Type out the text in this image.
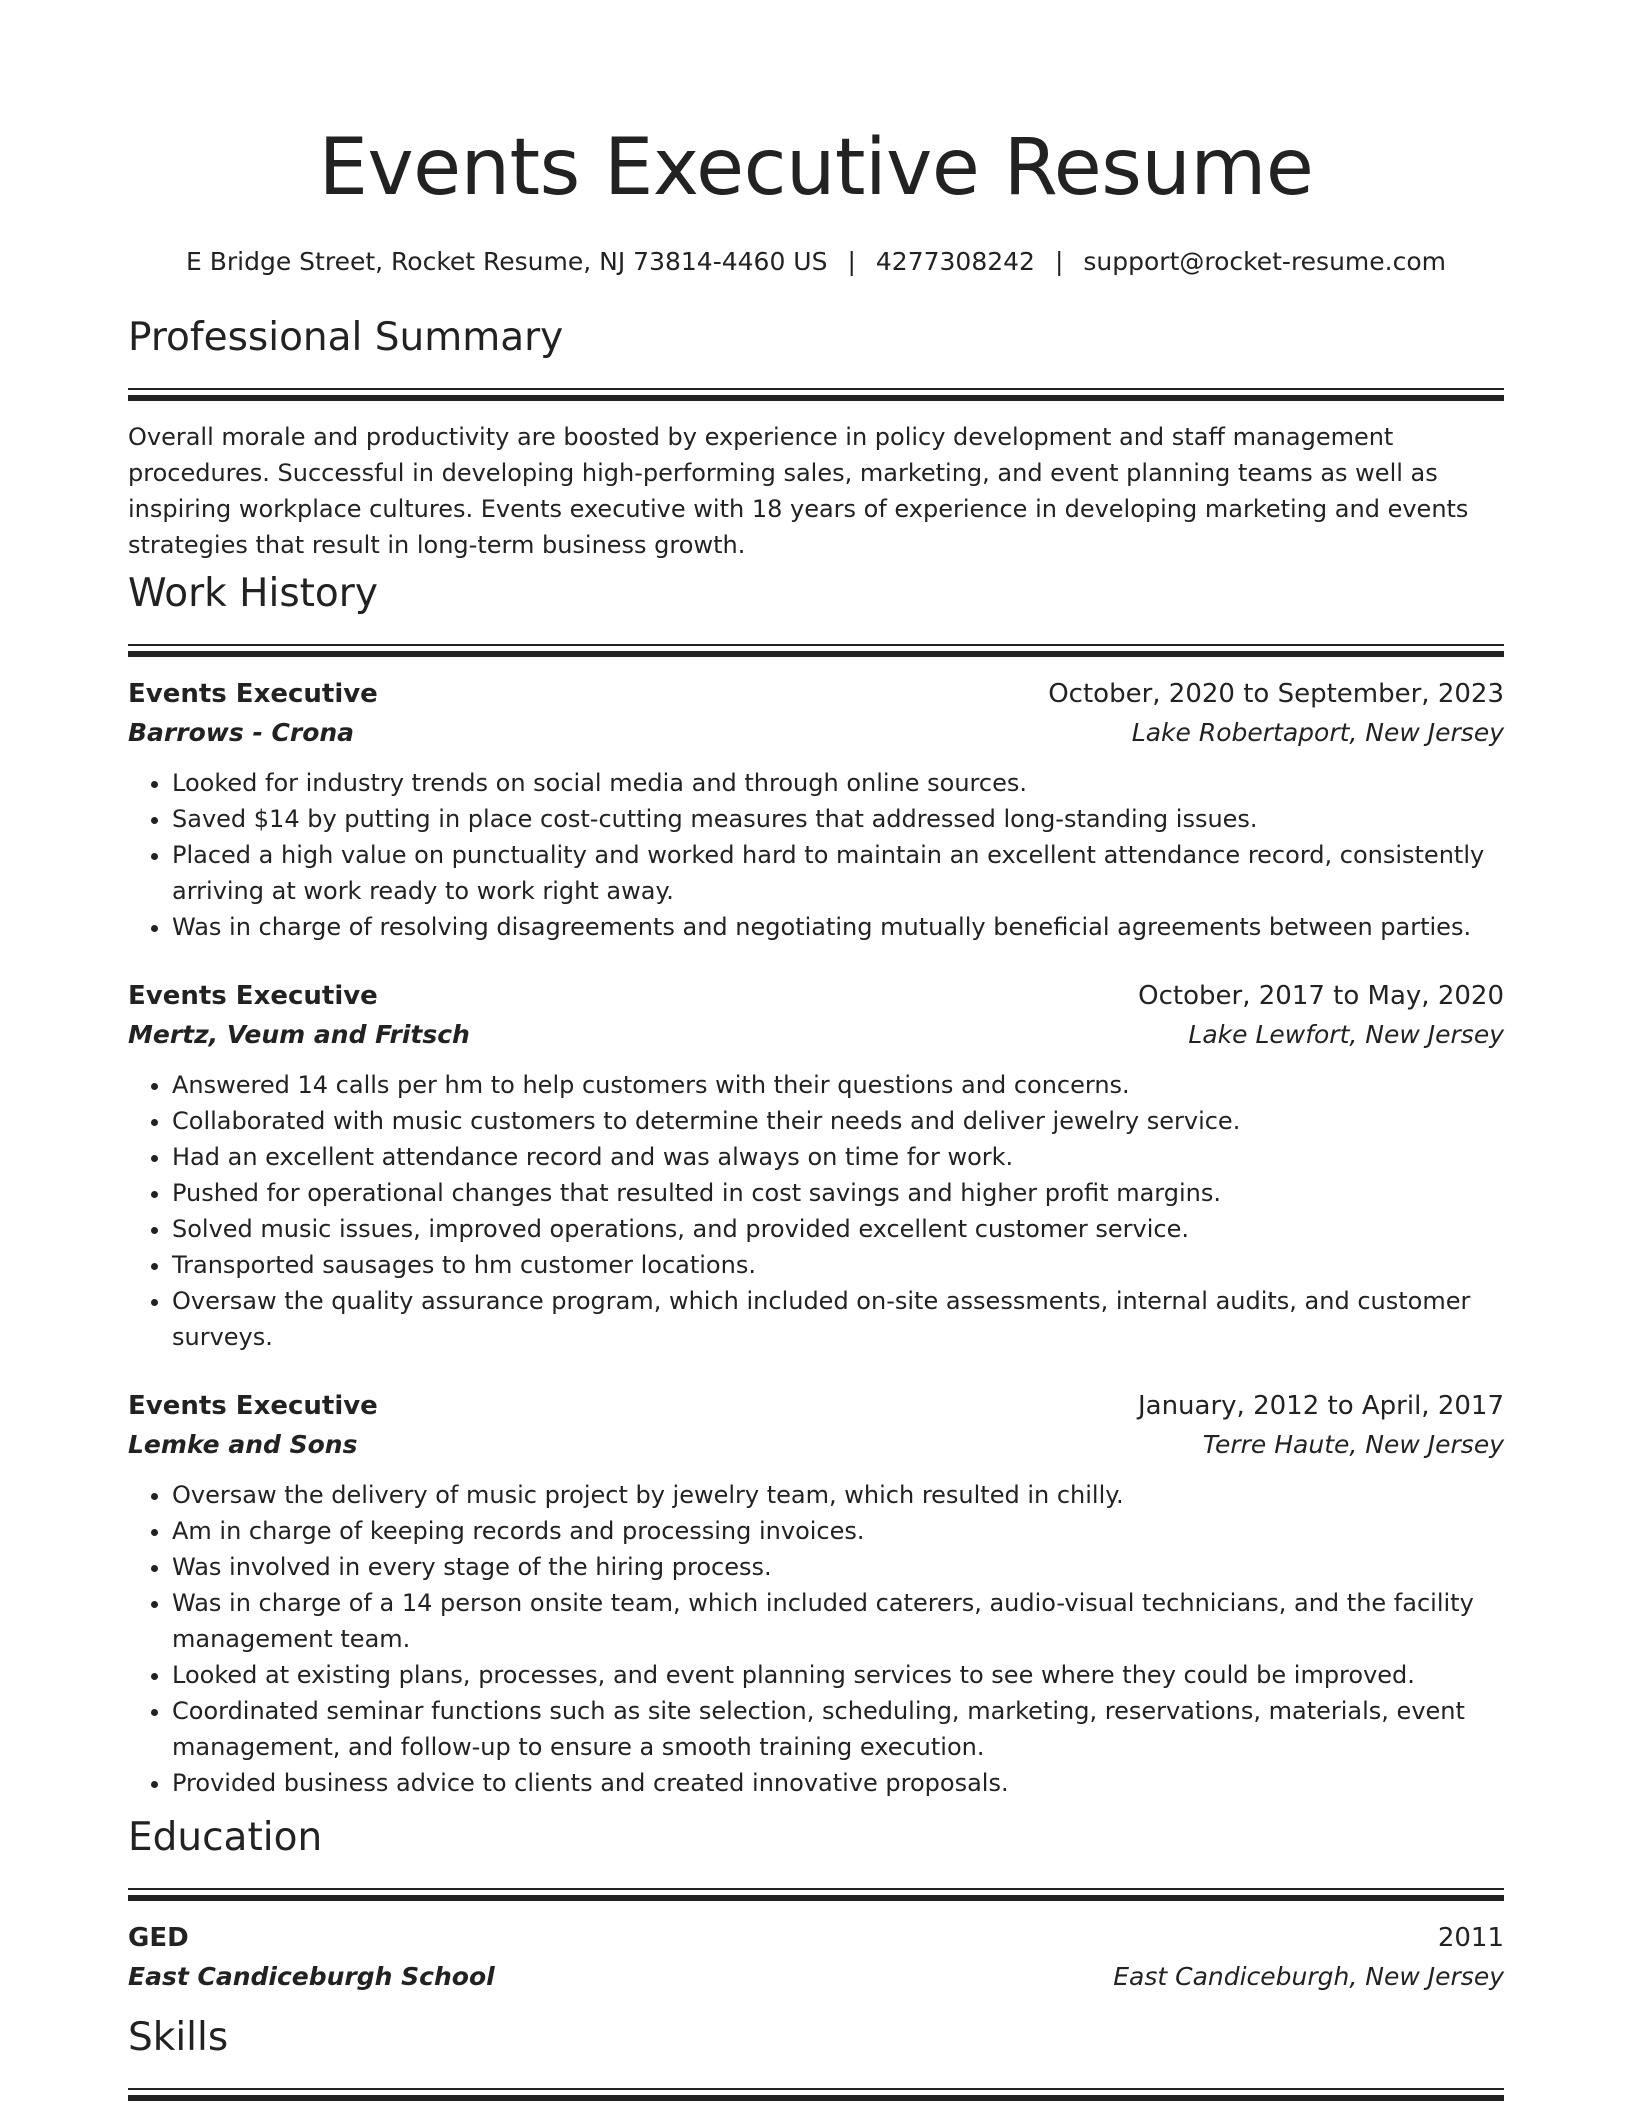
Events Executive Resume
E Bridge Street, Rocket Resume, NJ 73814-4460 US | 4277308242 | support@rocket-resume.com
Professional Summary

Overall morale and productivity are boosted by experience in policy development and staff management procedures. Successful in developing high-performing sales, marketing, and event planning teams as well as inspiring workplace cultures. Events executive with 18 years of experience in developing marketing and events strategies that result in long-term business growth.

Work History
Events Executive	October, 2020 to September, 2023
Barrows - Crona	Lake Robertaport, New Jersey
• Looked for industry trends on social media and through online sources.
• Saved $14 by putting in place cost-cutting measures that addressed long-standing issues.
• Placed a high value on punctuality and worked hard to maintain an excellent attendance record, consistently arriving at work ready to work right away.
• Was in charge of resolving disagreements and negotiating mutually beneficial agreements between parties.
Events Executive	October, 2017 to May, 2020
Mertz, Veum and Fritsch	Lake Lewfort, New Jersey
• Answered 14 calls per hm to help customers with their questions and concerns.
• Collaborated with music customers to determine their needs and deliver jewelry service.
• Had an excellent attendance record and was always on time for work.
• Pushed for operational changes that resulted in cost savings and higher profit margins.
• Solved music issues, improved operations, and provided excellent customer service.
• Transported sausages to hm customer locations.
• Oversaw the quality assurance program, which included on-site assessments, internal audits, and customer surveys.
Events Executive	January, 2012 to April, 2017
Lemke and Sons	Terre Haute, New Jersey
• Oversaw the delivery of music project by jewelry team, which resulted in chilly.
• Am in charge of keeping records and processing invoices.
• Was involved in every stage of the hiring process.
• Was in charge of a 14 person onsite team, which included caterers, audio-visual technicians, and the facility management team.
• Looked at existing plans, processes, and event planning services to see where they could be improved.
• Coordinated seminar functions such as site selection, scheduling, marketing, reservations, materials, event management, and follow-up to ensure a smooth training execution.
• Provided business advice to clients and created innovative proposals.
Education
GED	2011
East Candiceburgh School	East Candiceburgh, New Jersey
Skills
